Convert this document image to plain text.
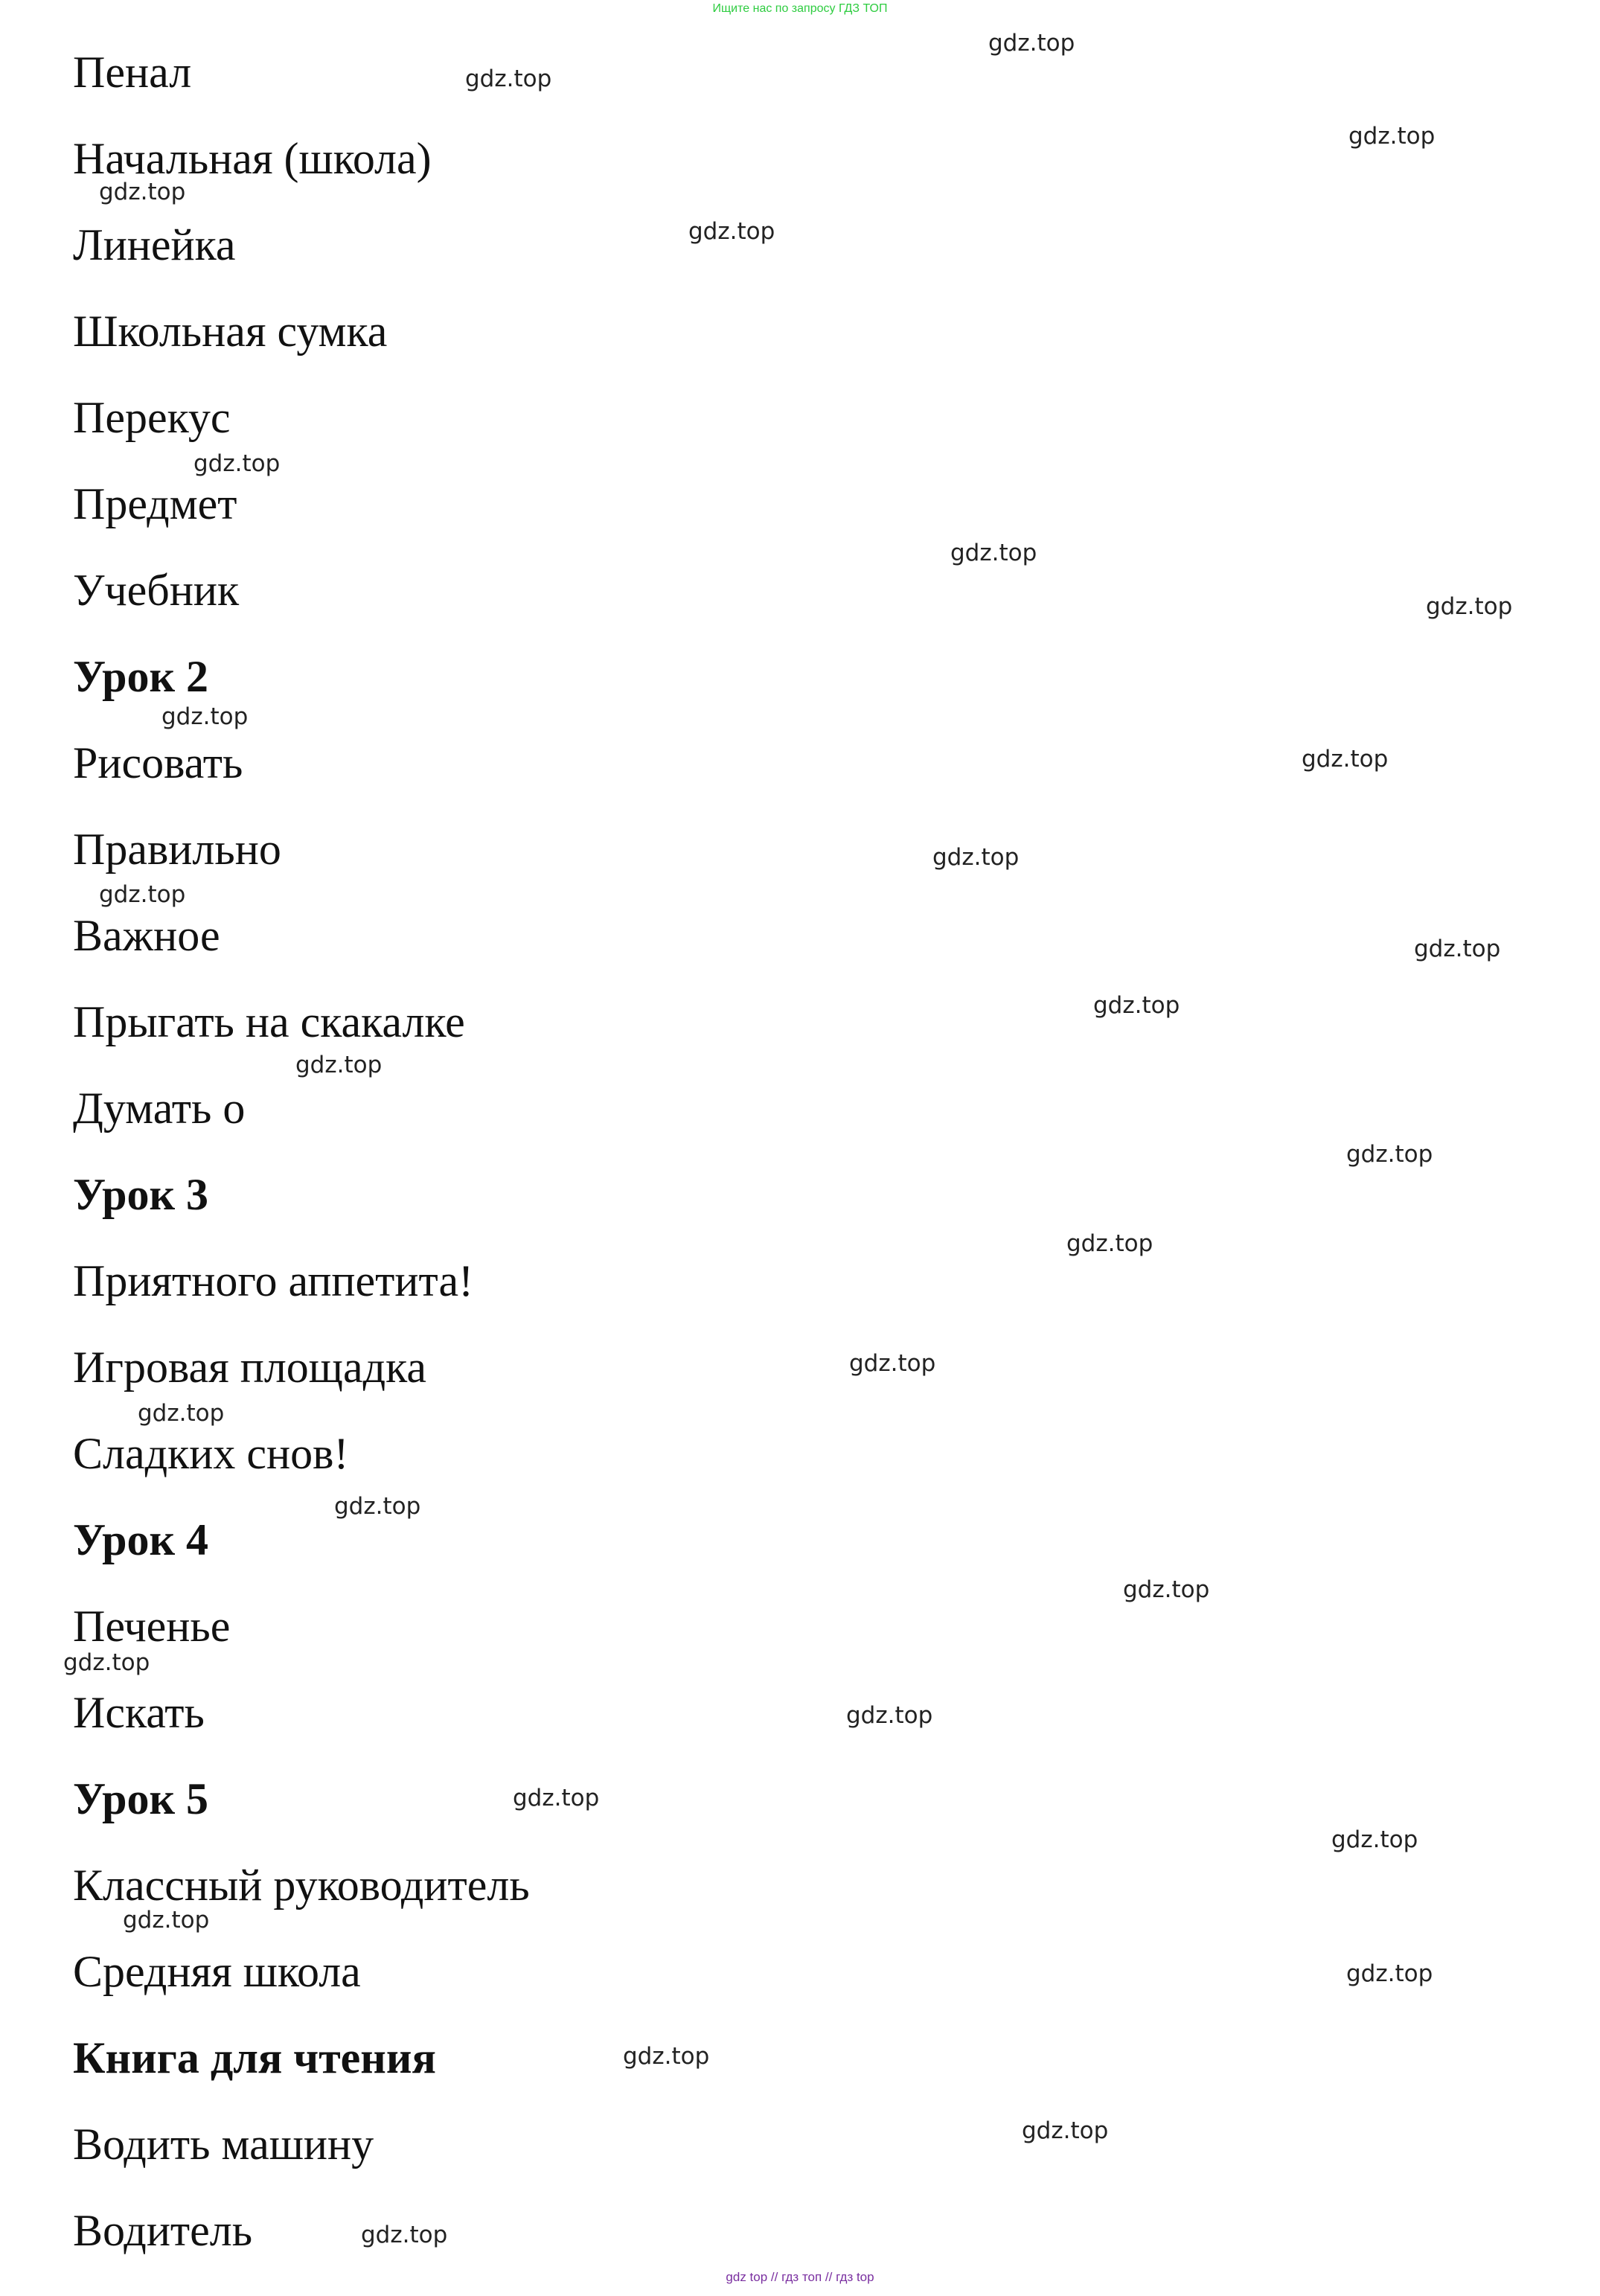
Ищите нас по запросу ГДЗ ТОП
Пенал
Начальная (школа)
Линейка
Школьная сумка
Перекус
Предмет
Учебник
Урок 2
Рисовать
Правильно
Важное
Прыгать на скакалке
Думать о
Урок 3
Приятного аппетита!
Игровая площадка
Сладких снов!
Урок 4
Печенье
Искать
Урок 5
Классный руководитель
Средняя школа
Книга для чтения
Водить машину
Водитель
gdz.top
gdz.top
gdz.top
gdz.top
gdz.top
gdz.top
gdz.top
gdz.top
gdz.top
gdz.top
gdz.top
gdz.top
gdz.top
gdz.top
gdz.top
gdz.top
gdz.top
gdz.top
gdz.top
gdz.top
gdz.top
gdz.top
gdz.top
gdz.top
gdz.top
gdz.top
gdz.top
gdz.top
gdz.top
gdz.top
gdz top // гдз топ // гдз top
